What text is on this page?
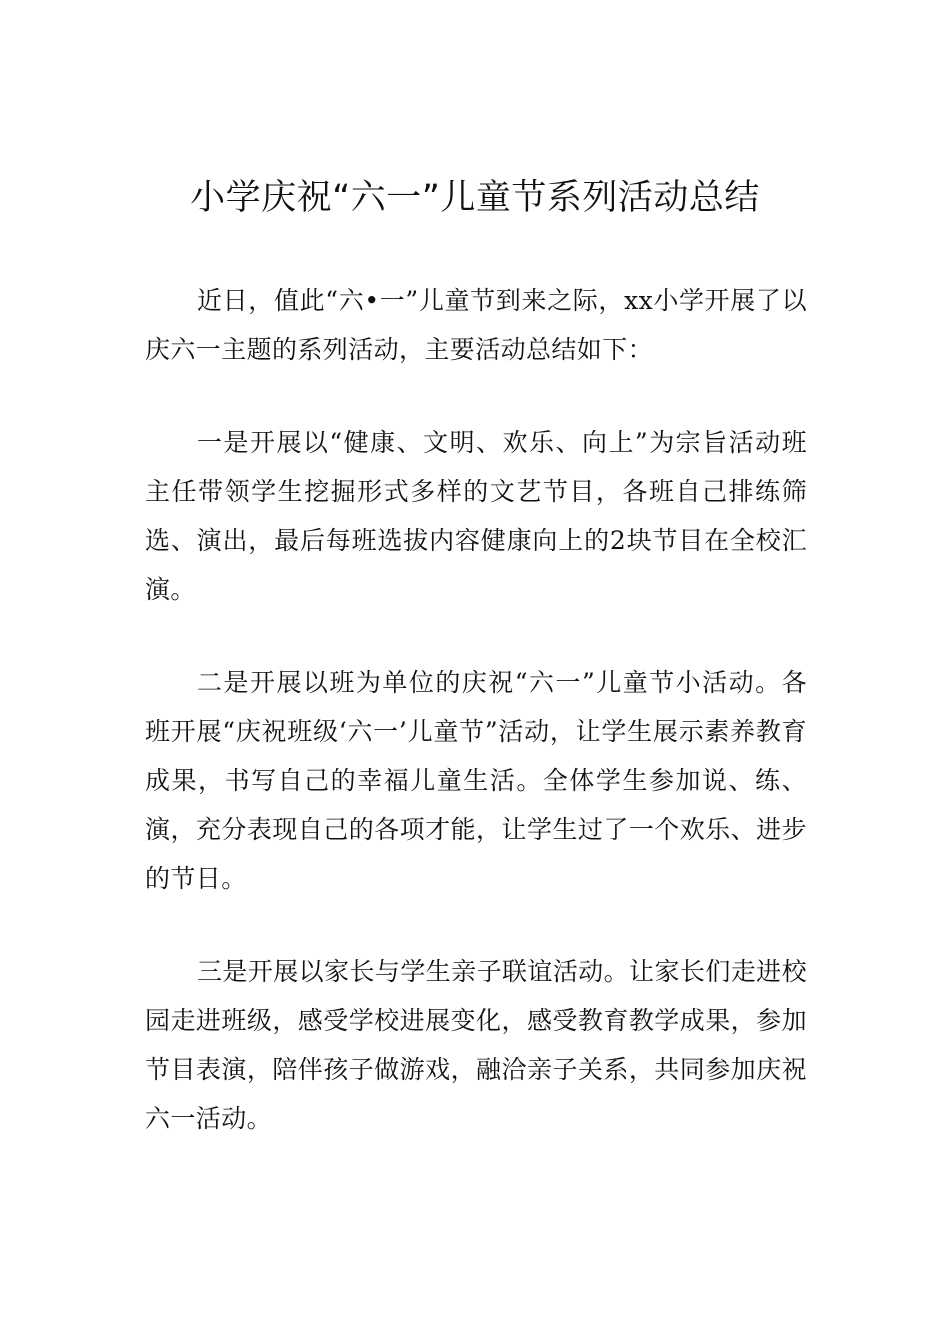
小学庆祝“六一”儿童节系列活动总结

近日，值此“六•一”儿童节到来之际，xx小学开展了以庆六一主题的系列活动，主要活动总结如下：

一是开展以“健康、文明、欢乐、向上”为宗旨活动班主任带领学生挖掘形式多样的文艺节目，各班自己排练筛选、演出，最后每班选拔内容健康向上的2块节目在全校汇演。

二是开展以班为单位的庆祝“六一”儿童节小活动。各班开展“庆祝班级‘六一’儿童节”活动，让学生展示素养教育成果，书写自己的幸福儿童生活。全体学生参加说、练、演，充分表现自己的各项才能，让学生过了一个欢乐、进步的节日。

三是开展以家长与学生亲子联谊活动。让家长们走进校园走进班级，感受学校进展变化，感受教育教学成果，参加节目表演，陪伴孩子做游戏，融洽亲子关系，共同参加庆祝六一活动。
